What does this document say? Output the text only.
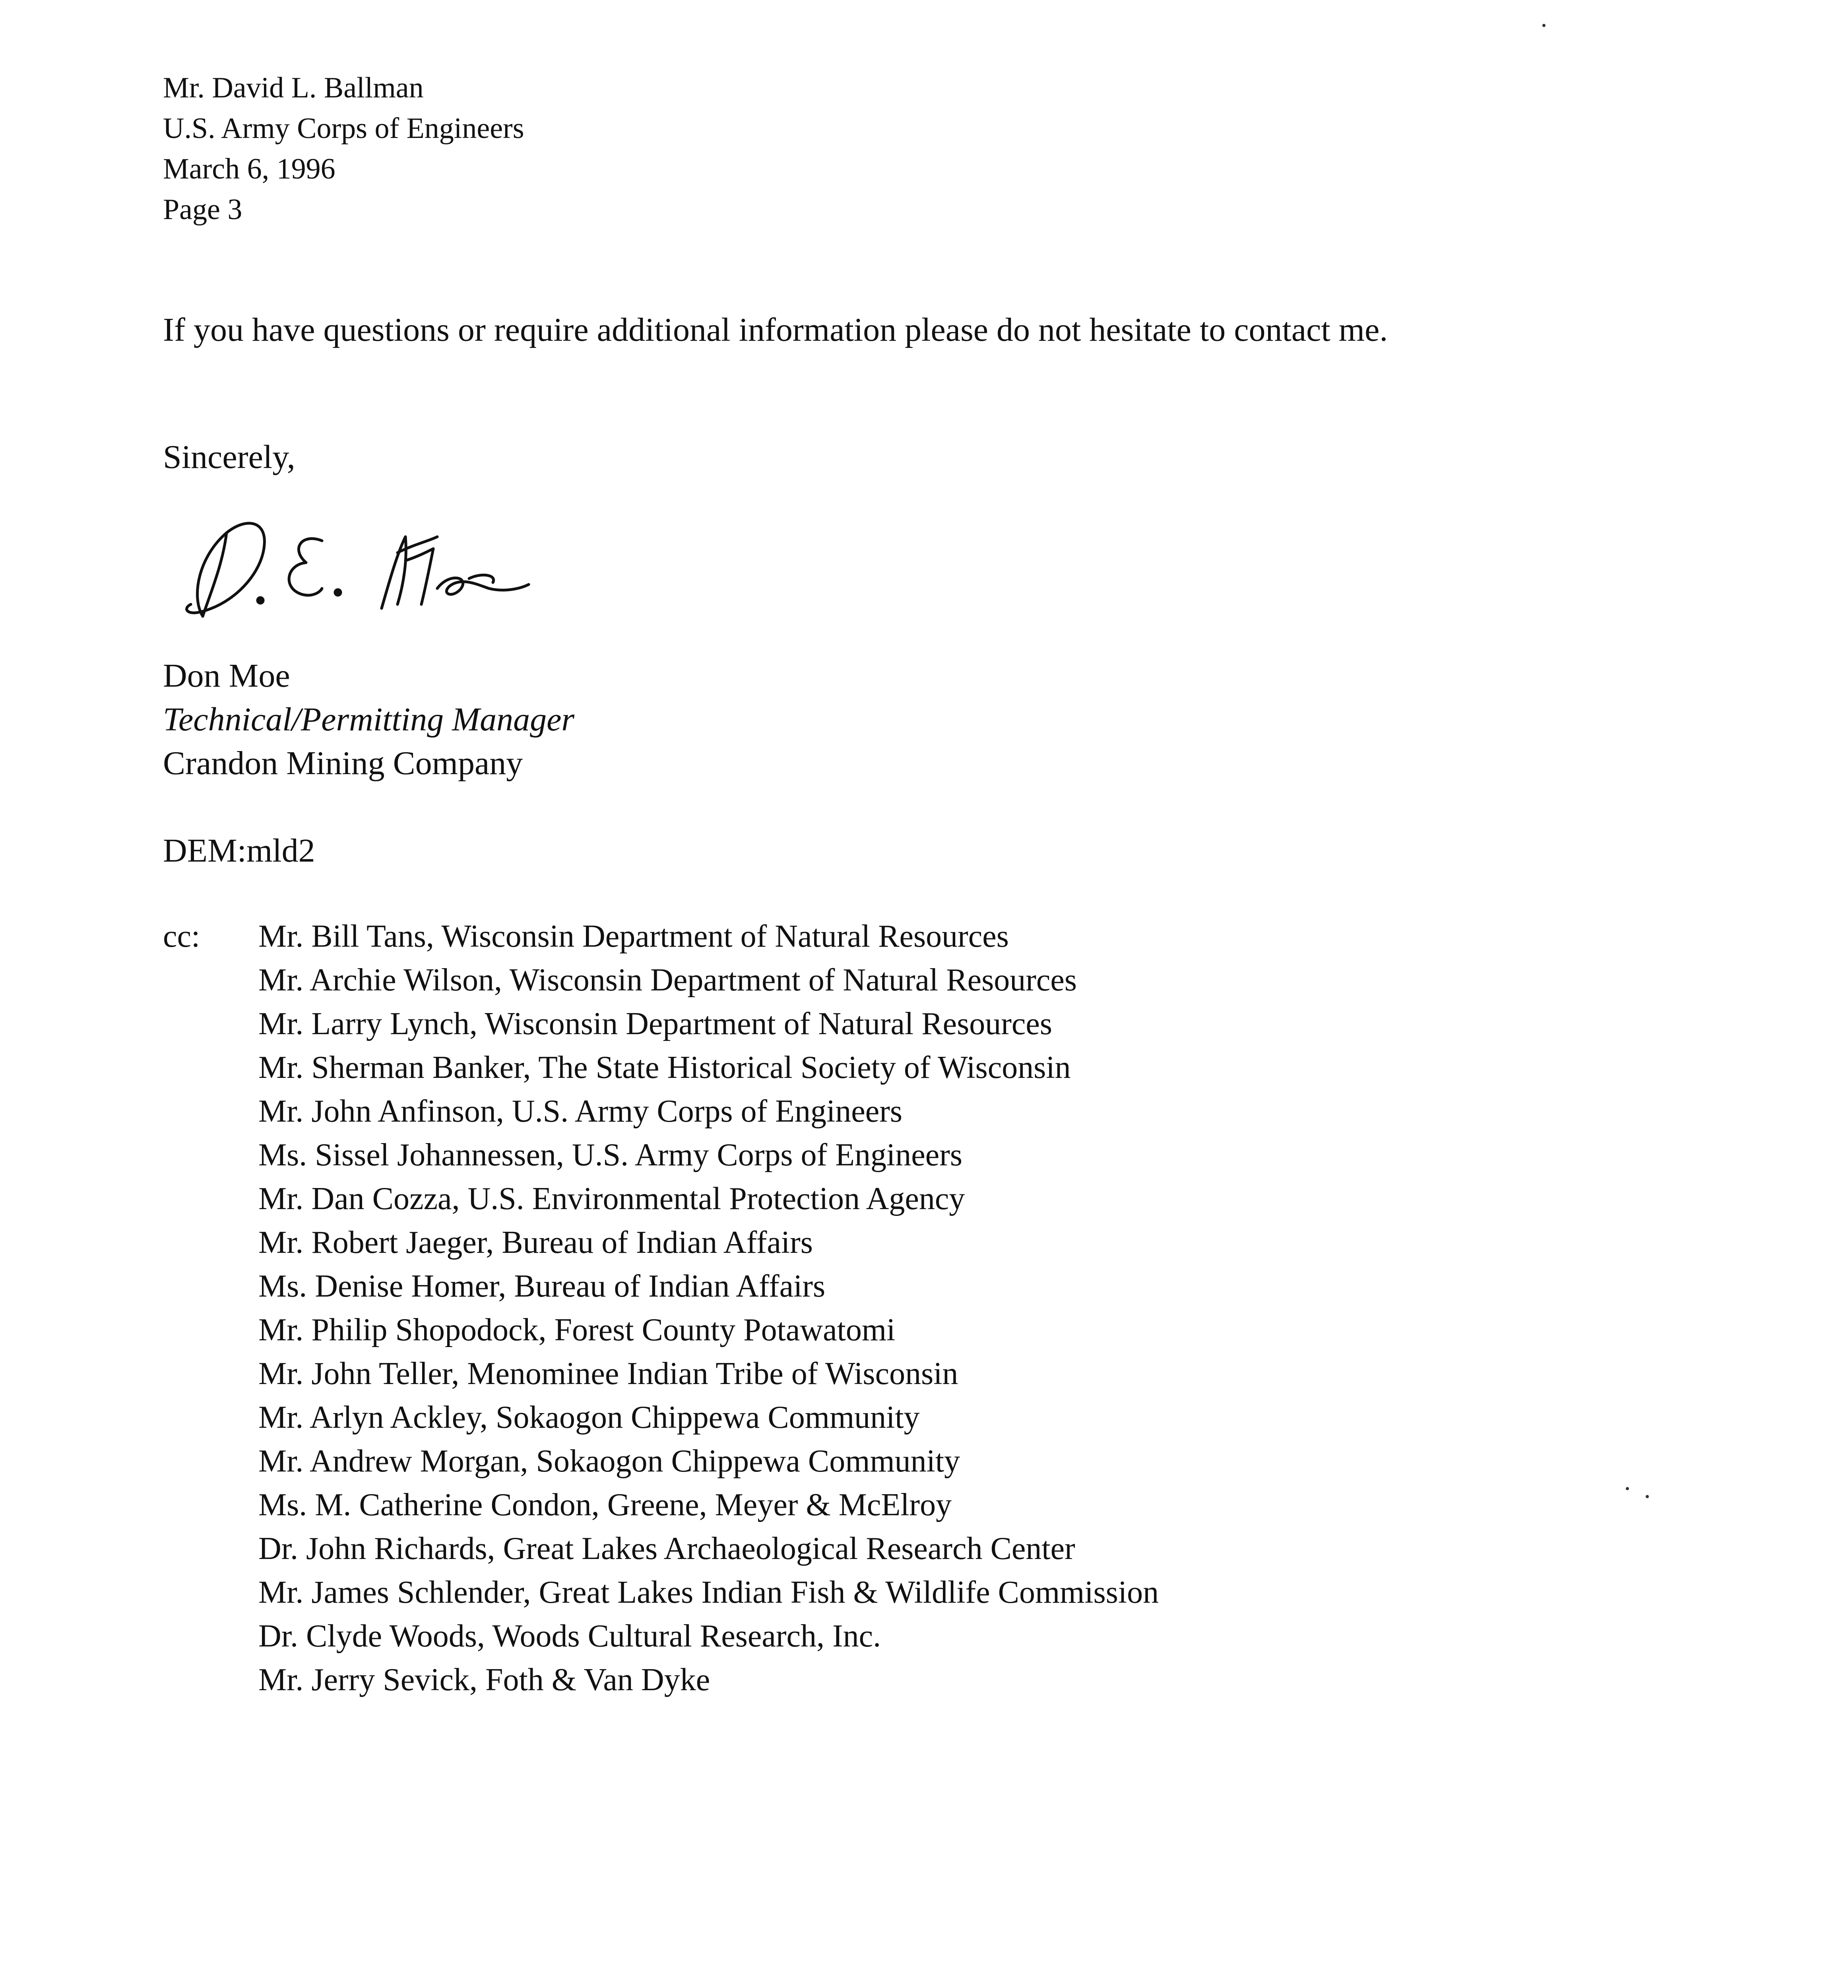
Mr. David L. Ballman
U.S. Army Corps of Engineers
March 6, 1996
Page 3
If you have questions or require additional information please do not hesitate to contact me.
Sincerely,
Don Moe
Technical/Permitting Manager
Crandon Mining Company
DEM:mld2
cc: Mr. Bill Tans, Wisconsin Department of Natural Resources
Mr. Archie Wilson, Wisconsin Department of Natural Resources
Mr. Larry Lynch, Wisconsin Department of Natural Resources
Mr. Sherman Banker, The State Historical Society of Wisconsin
Mr. John Anfinson, U.S. Army Corps of Engineers
Ms. Sissel Johannessen, U.S. Army Corps of Engineers
Mr. Dan Cozza, U.S. Environmental Protection Agency
Mr. Robert Jaeger, Bureau of Indian Affairs
Ms. Denise Homer, Bureau of Indian Affairs
Mr. Philip Shopodock, Forest County Potawatomi
Mr. John Teller, Menominee Indian Tribe of Wisconsin
Mr. Arlyn Ackley, Sokaogon Chippewa Community
Mr. Andrew Morgan, Sokaogon Chippewa Community
Ms. M. Catherine Condon, Greene, Meyer & McElroy
Dr. John Richards, Great Lakes Archaeological Research Center
Mr. James Schlender, Great Lakes Indian Fish & Wildlife Commission
Dr. Clyde Woods, Woods Cultural Research, Inc.
Mr. Jerry Sevick, Foth & Van Dyke
